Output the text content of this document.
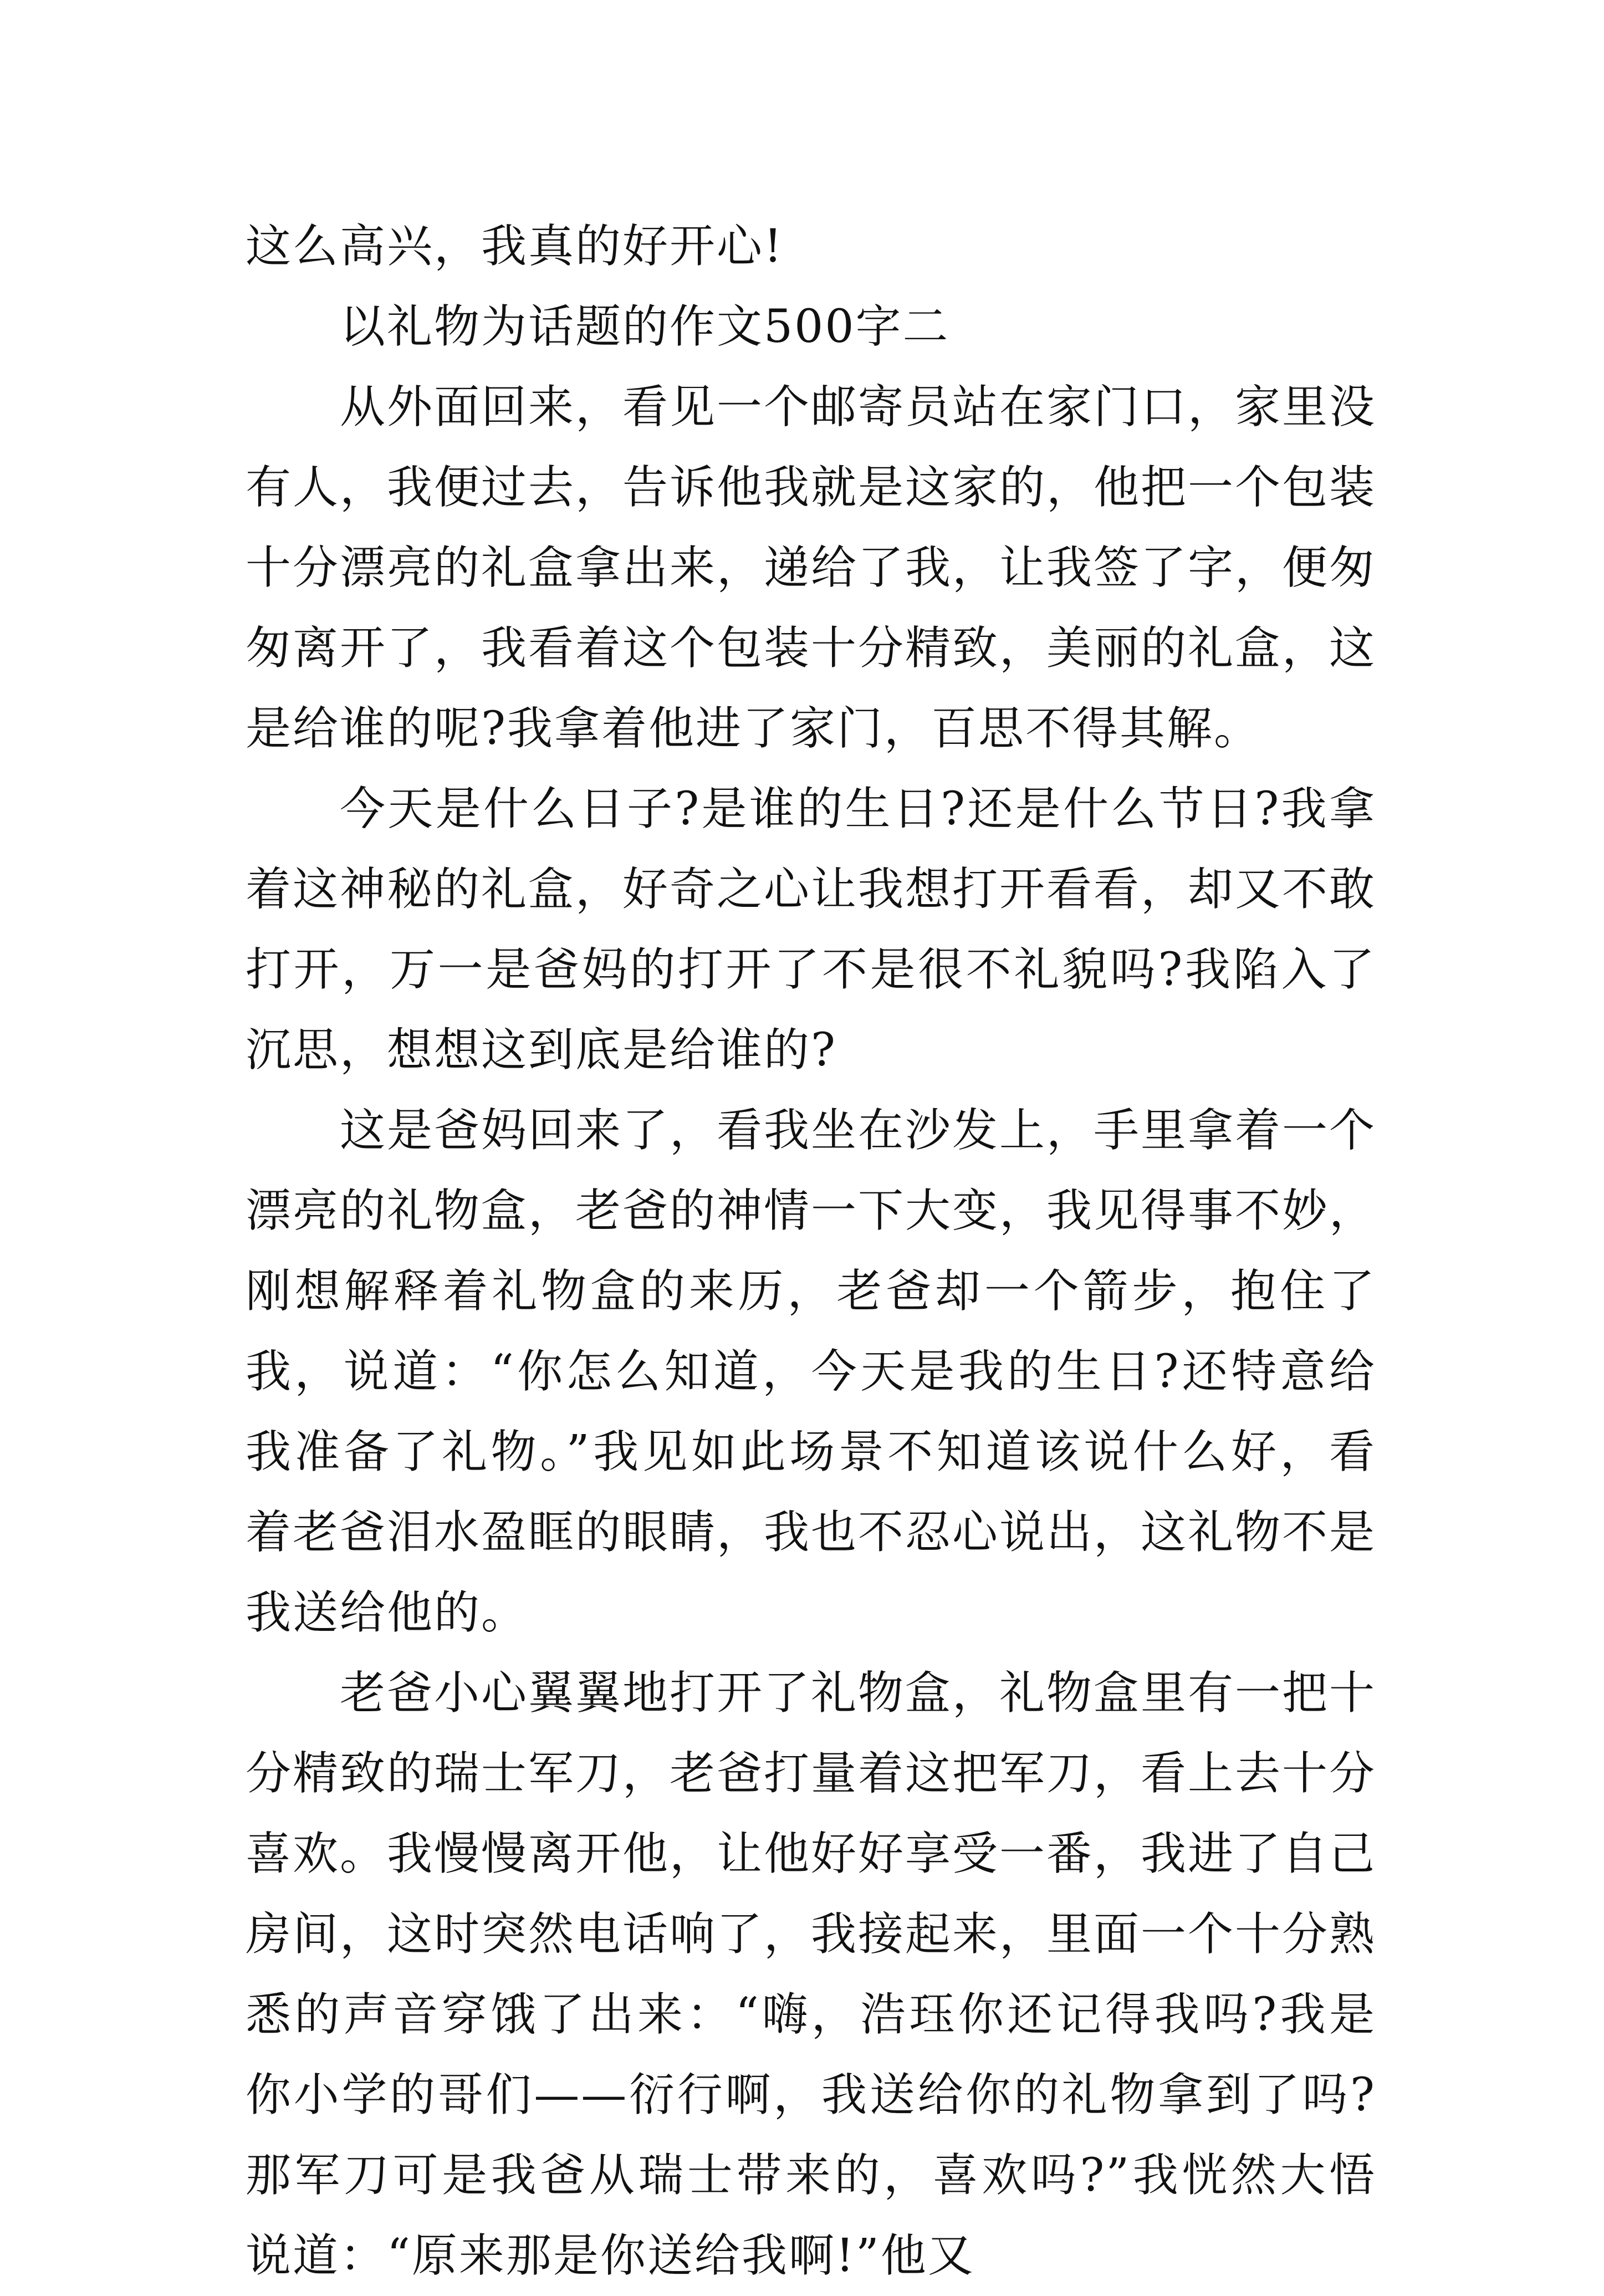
这么高兴，我真的好开心!

以礼物为话题的作文500字二

从外面回来，看见一个邮寄员站在家门口，家里没有人，我便过去，告诉他我就是这家的，他把一个包装十分漂亮的礼盒拿出来，递给了我，让我签了字，便匆匆离开了，我看着这个包装十分精致，美丽的礼盒，这是给谁的呢?我拿着他进了家门，百思不得其解。

今天是什么日子?是谁的生日?还是什么节日?我拿着这神秘的礼盒，好奇之心让我想打开看看，却又不敢打开，万一是爸妈的打开了不是很不礼貌吗?我陷入了沉思，想想这到底是给谁的?

这是爸妈回来了，看我坐在沙发上，手里拿着一个漂亮的礼物盒，老爸的神情一下大变，我见得事不妙，刚想解释着礼物盒的来历，老爸却一个箭步，抱住了我，说道：“你怎么知道，今天是我的生日?还特意给我准备了礼物。”我见如此场景不知道该说什么好，看着老爸泪水盈眶的眼睛，我也不忍心说出，这礼物不是我送给他的。

老爸小心翼翼地打开了礼物盒，礼物盒里有一把十分精致的瑞士军刀，老爸打量着这把军刀，看上去十分喜欢。我慢慢离开他，让他好好享受一番，我进了自己房间，这时突然电话响了，我接起来，里面一个十分熟悉的声音穿饿了出来：“嗨，浩珏你还记得我吗?我是你小学的哥们——衍行啊，我送给你的礼物拿到了吗?那军刀可是我爸从瑞士带来的，喜欢吗?”我恍然大悟说道：“原来那是你送给我啊!”他又
